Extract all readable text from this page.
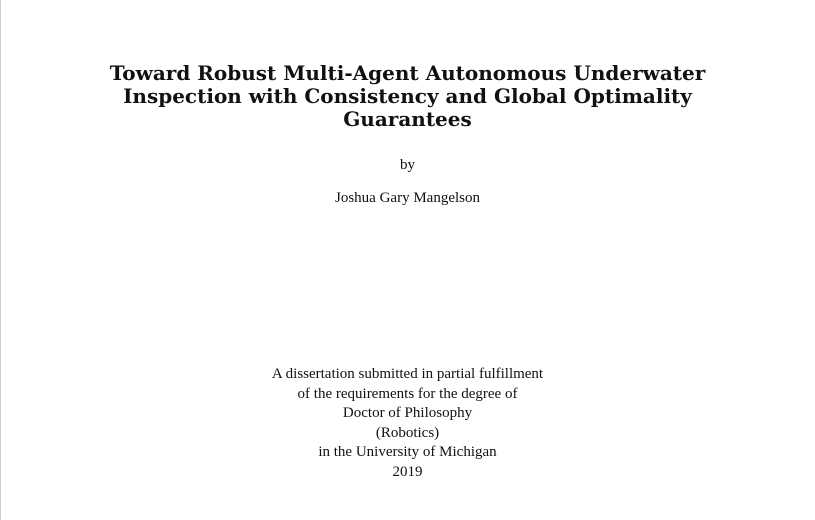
Toward Robust Multi-Agent Autonomous Underwater
Inspection with Consistency and Global Optimality
Guarantees
by
Joshua Gary Mangelson
A dissertation submitted in partial fulfillment
of the requirements for the degree of
Doctor of Philosophy
(Robotics)
in the University of Michigan
2019
